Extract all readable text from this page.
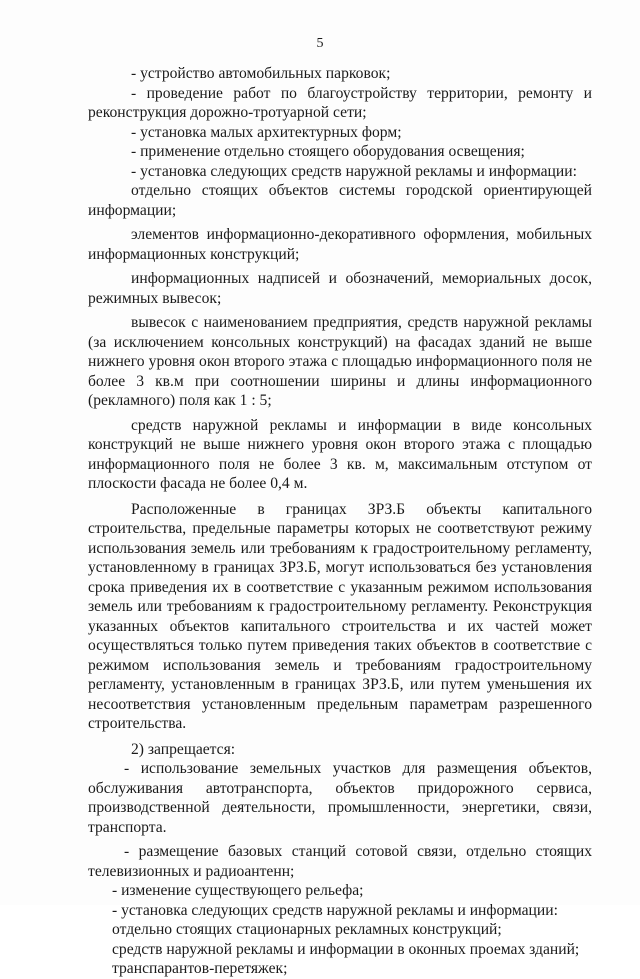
5

- устройство автомобильных парковок;

- проведение работ по благоустройству территории, ремонту и реконструкция дорожно-тротуарной сети;

- установка малых архитектурных форм;

- применение отдельно стоящего оборудования освещения;

- установка следующих средств наружной рекламы и информации:

отдельно стоящих объектов системы городской ориентирующей информации;

элементов информационно-декоративного оформления, мобильных информационных конструкций;

информационных надписей и обозначений, мемориальных досок, режимных вывесок;

вывесок с наименованием предприятия, средств наружной рекламы (за исключением консольных конструкций) на фасадах зданий не выше нижнего уровня окон второго этажа с площадью информационного поля не более 3 кв.м при соотношении ширины и длины информационного (рекламного) поля как 1 : 5;

средств наружной рекламы и информации в виде консольных конструкций не выше нижнего уровня окон второго этажа с площадью информационного поля не более 3 кв. м, максимальным отступом от плоскости фасада не более 0,4 м.

Расположенные в границах ЗРЗ.Б объекты капитального строительства, предельные параметры которых не соответствуют режиму использования земель или требованиям к градостроительному регламенту, установленному в границах ЗРЗ.Б, могут использоваться без установления срока приведения их в соответствие с указанным режимом использования земель или требованиям к градостроительному регламенту. Реконструкция указанных объектов капитального строительства и их частей может осуществляться только путем приведения таких объектов в соответствие с режимом использования земель и требованиям градостроительному регламенту, установленным в границах ЗРЗ.Б, или путем уменьшения их несоответствия установленным предельным параметрам разрешенного строительства.

2) запрещается:

- использование земельных участков для размещения объектов, обслуживания автотранспорта, объектов придорожного сервиса, производственной деятельности, промышленности, энергетики, связи, транспорта.

- размещение базовых станций сотовой связи, отдельно стоящих телевизионных и радиоантенн;

- изменение существующего рельефа;

- установка следующих средств наружной рекламы и информации:

отдельно стоящих стационарных рекламных конструкций;

средств наружной рекламы и информации в оконных проемах зданий;

транспарантов-перетяжек;
